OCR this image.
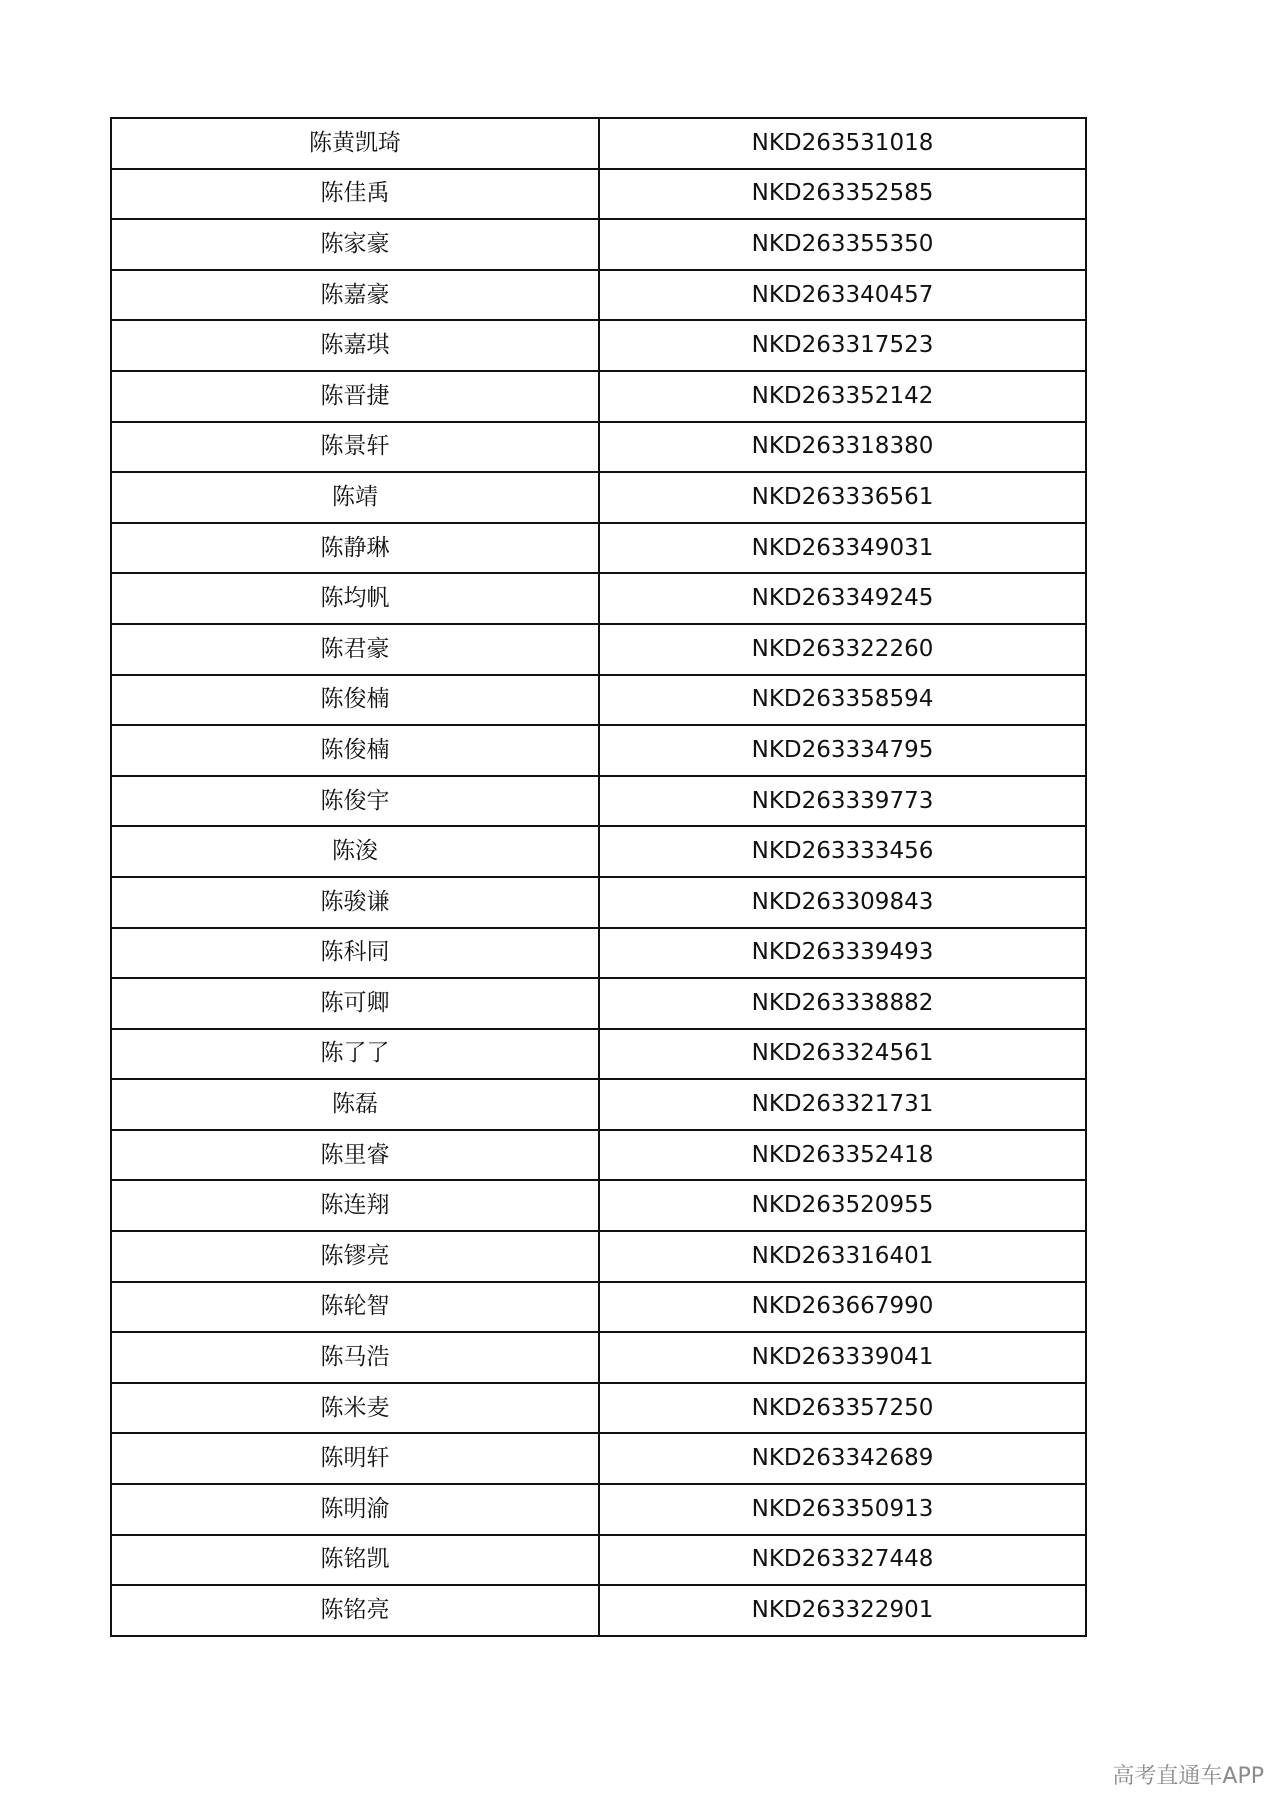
陈黄凯琦	NKD263531018
陈佳禹	NKD263352585
陈家豪	NKD263355350
陈嘉豪	NKD263340457
陈嘉琪	NKD263317523
陈晋捷	NKD263352142
陈景轩	NKD263318380
陈靖	NKD263336561
陈静琳	NKD263349031
陈均帆	NKD263349245
陈君豪	NKD263322260
陈俊楠	NKD263358594
陈俊楠	NKD263334795
陈俊宇	NKD263339773
陈浚	NKD263333456
陈骏谦	NKD263309843
陈科同	NKD263339493
陈可卿	NKD263338882
陈了了	NKD263324561
陈磊	NKD263321731
陈里睿	NKD263352418
陈连翔	NKD263520955
陈镠亮	NKD263316401
陈轮智	NKD263667990
陈马浩	NKD263339041
陈米麦	NKD263357250
陈明轩	NKD263342689
陈明渝	NKD263350913
陈铭凯	NKD263327448
陈铭亮	NKD263322901
高考直通车APP
